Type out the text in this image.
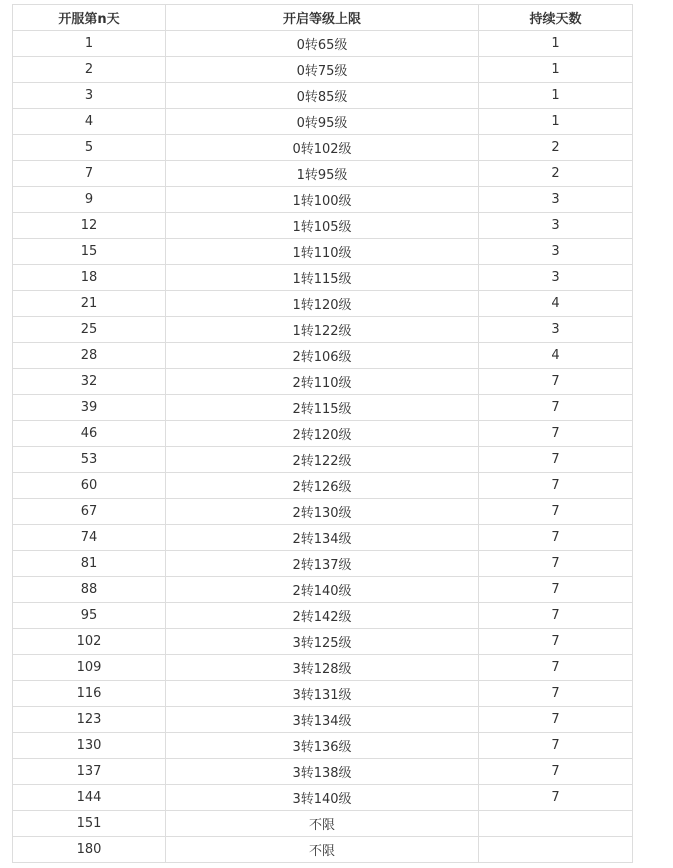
开服第n天	开启等级上限	持续天数
1	0转65级	1
2	0转75级	1
3	0转85级	1
4	0转95级	1
5	0转102级	2
7	1转95级	2
9	1转100级	3
12	1转105级	3
15	1转110级	3
18	1转115级	3
21	1转120级	4
25	1转122级	3
28	2转106级	4
32	2转110级	7
39	2转115级	7
46	2转120级	7
53	2转122级	7
60	2转126级	7
67	2转130级	7
74	2转134级	7
81	2转137级	7
88	2转140级	7
95	2转142级	7
102	3转125级	7
109	3转128级	7
116	3转131级	7
123	3转134级	7
130	3转136级	7
137	3转138级	7
144	3转140级	7
151	不限	
180	不限	
